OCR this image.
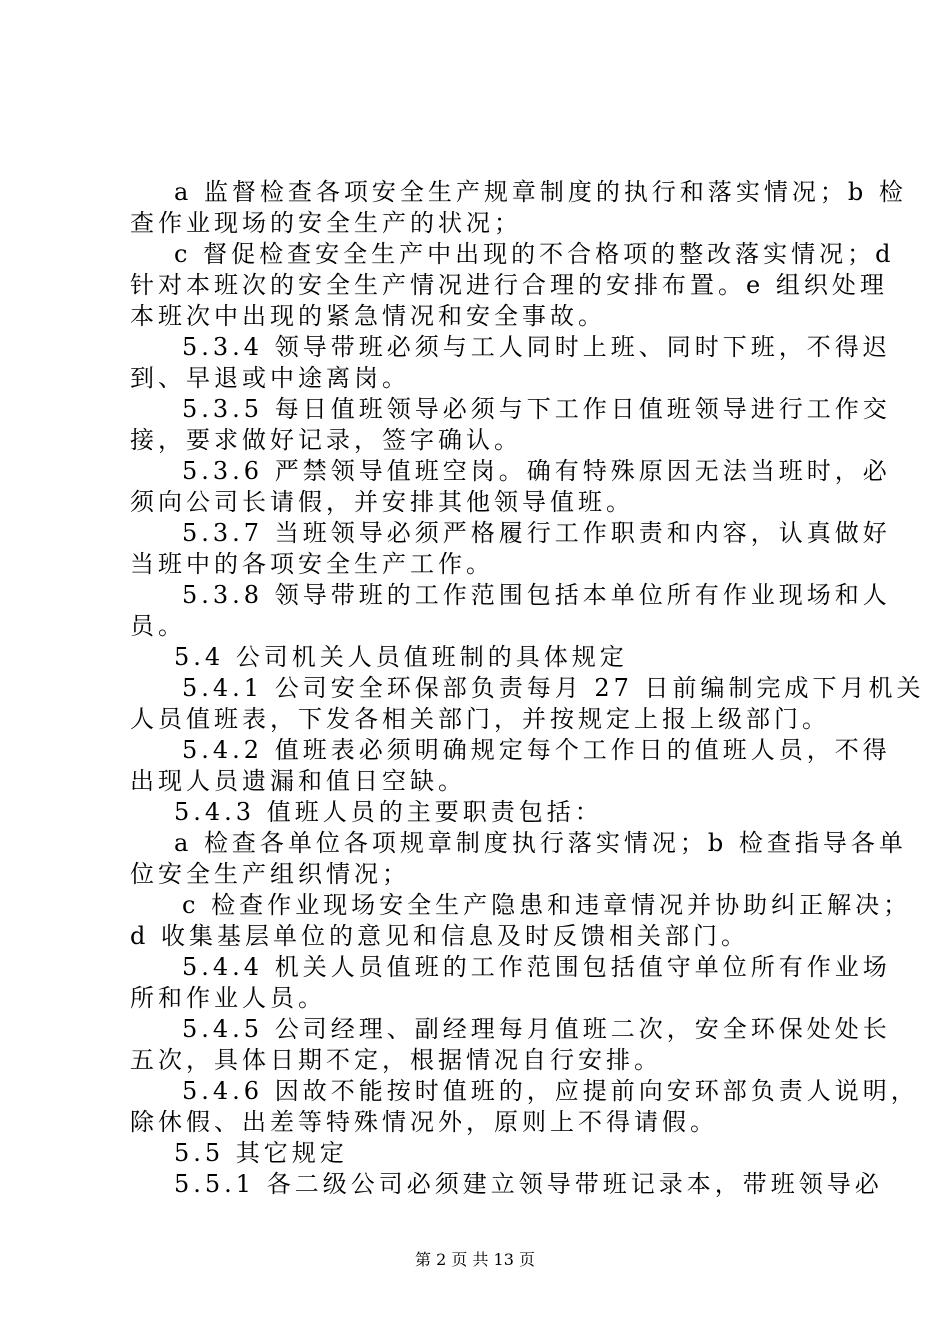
a 监督检查各项安全生产规章制度的执行和落实情况；b 检
查作业现场的安全生产的状况；
c 督促检查安全生产中出现的不合格项的整改落实情况；d
针对本班次的安全生产情况进行合理的安排布置。e 组织处理
本班次中出现的紧急情况和安全事故。
5.3.4 领导带班必须与工人同时上班、同时下班，不得迟
到、早退或中途离岗。
5.3.5 每日值班领导必须与下工作日值班领导进行工作交
接，要求做好记录，签字确认。
5.3.6 严禁领导值班空岗。确有特殊原因无法当班时，必
须向公司长请假，并安排其他领导值班。
5.3.7 当班领导必须严格履行工作职责和内容，认真做好
当班中的各项安全生产工作。
5.3.8 领导带班的工作范围包括本单位所有作业现场和人
员。
5.4 公司机关人员值班制的具体规定
5.4.1 公司安全环保部负责每月 27 日前编制完成下月机关
人员值班表，下发各相关部门，并按规定上报上级部门。
5.4.2 值班表必须明确规定每个工作日的值班人员，不得
出现人员遗漏和值日空缺。
5.4.3 值班人员的主要职责包括：
a 检查各单位各项规章制度执行落实情况；b 检查指导各单
位安全生产组织情况；
c 检查作业现场安全生产隐患和违章情况并协助纠正解决；
d 收集基层单位的意见和信息及时反馈相关部门。
5.4.4 机关人员值班的工作范围包括值守单位所有作业场
所和作业人员。
5.4.5 公司经理、副经理每月值班二次，安全环保处处长
五次，具体日期不定，根据情况自行安排。
5.4.6 因故不能按时值班的，应提前向安环部负责人说明，
除休假、出差等特殊情况外，原则上不得请假。
5.5 其它规定
5.5.1 各二级公司必须建立领导带班记录本，带班领导必
第 2 页 共 13 页
